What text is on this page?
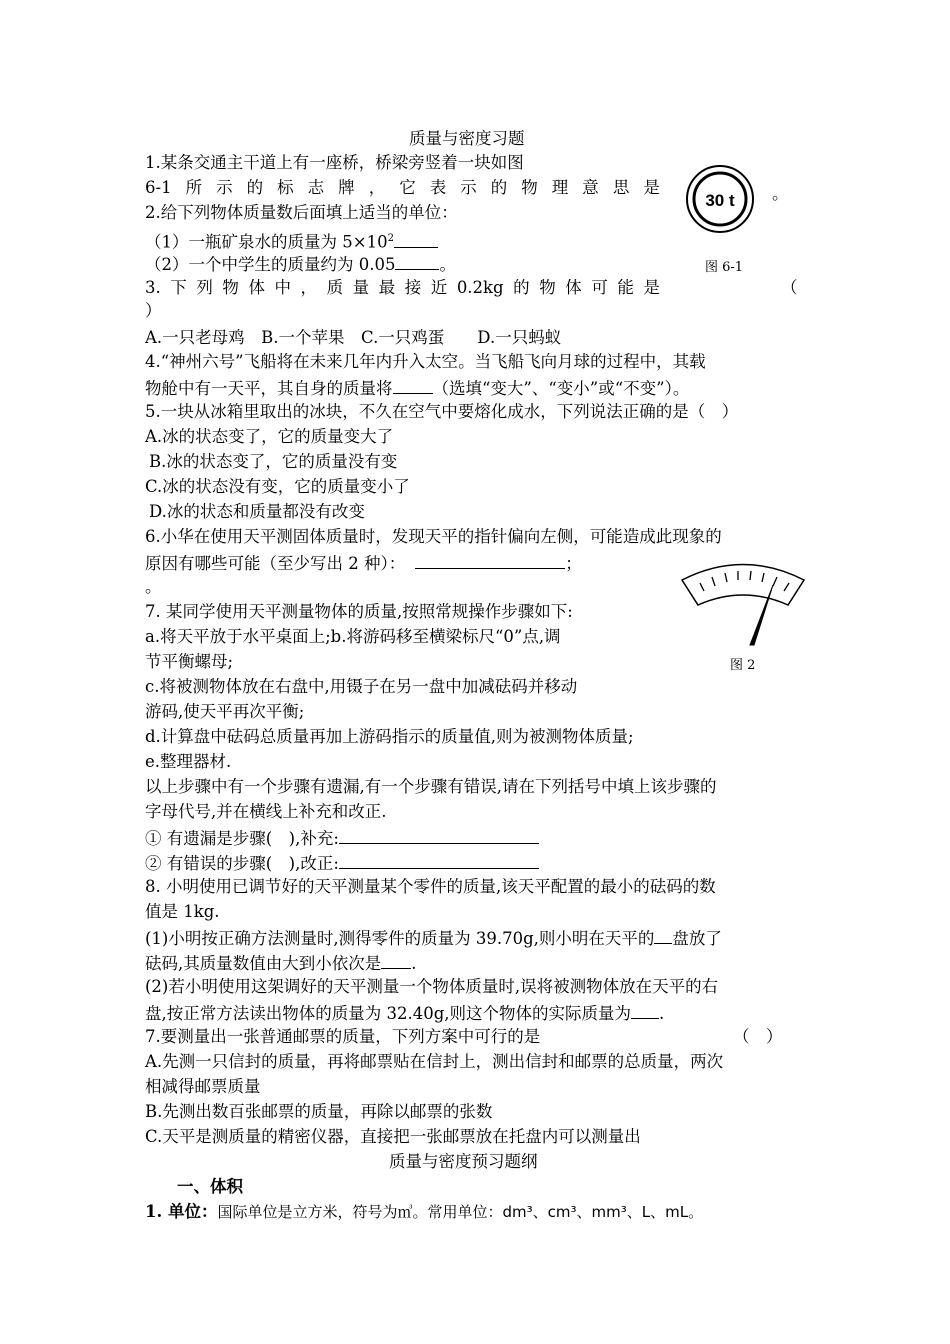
质量与密度习题
1.某条交通主干道上有一座桥，桥梁旁竖着一块如图
6-1 所 示 的 标 志 牌 ， 它 表 示 的 物 理 意 思 是	。
30 t
图 6-1
2.给下列物体质量数后面填上适当的单位：
（1）一瓶矿泉水的质量为 $5\times 10^2$
（2）一个中学生的质量约为 0.05	。
3. 下 列 物 体 中 ， 质 量 最 接 近 0.2kg 的 物 体 可 能 是	（
）
A.一只老母鸡　B.一个苹果　C.一只鸡蛋　　D.一只蚂蚁
4.“神州六号”飞船将在未来几年内升入太空。当飞船飞向月球的过程中，其载
物舱中有一天平，其自身的质量将 （选填“变大”、“变小”或“不变”）。
5.一块从冰箱里取出的冰块，不久在空气中要熔化成水，下列说法正确的是（　）
A.冰的状态变了，它的质量变大了
B.冰的状态变了，它的质量没有变
C.冰的状态没有变，它的质量变小了
D.冰的状态和质量都没有改变
6.小华在使用天平测固体质量时，发现天平的指针偏向左侧，可能造成此现象的
原因有哪些可能（至少写出 2 种）：	；
。
图 2
7. 某同学使用天平测量物体的质量,按照常规操作步骤如下:
a.将天平放于水平桌面上;b.将游码移至横梁标尺“0”点,调
节平衡螺母;
c.将被测物体放在右盘中,用镊子在另一盘中加减砝码并移动
游码,使天平再次平衡;
d.计算盘中砝码总质量再加上游码指示的质量值,则为被测物体质量;
e.整理器材.
以上步骤中有一个步骤有遗漏,有一个步骤有错误,请在下列括号中填上该步骤的
字母代号,并在横线上补充和改正.
① 有遗漏是步骤(　),补充:
② 有错误的步骤(　),改正:
8. 小明使用已调节好的天平测量某个零件的质量,该天平配置的最小的砝码的数
值是 1kg.
(1)小明按正确方法测量时,测得零件的质量为 39.70g,则小明在天平的 盘放了
砝码,其质量数值由大到小依次是 .
(2)若小明使用这架调好的天平测量一个物体质量时,误将被测物体放在天平的右
盘,按正常方法读出物体的质量为 32.40g,则这个物体的实际质量为 .
7.要测量出一张普通邮票的质量，下列方案中可行的是	（　）
A.先测一只信封的质量，再将邮票贴在信封上，测出信封和邮票的总质量，两次
相减得邮票质量
B.先测出数百张邮票的质量，再除以邮票的张数
C.天平是测质量的精密仪器，直接把一张邮票放在托盘内可以测量出
质量与密度预习题纲
一、体积
1. 单位：国际单位是立方米，符号为㎥。常用单位：dm³、cm³、mm³、L、mL。
